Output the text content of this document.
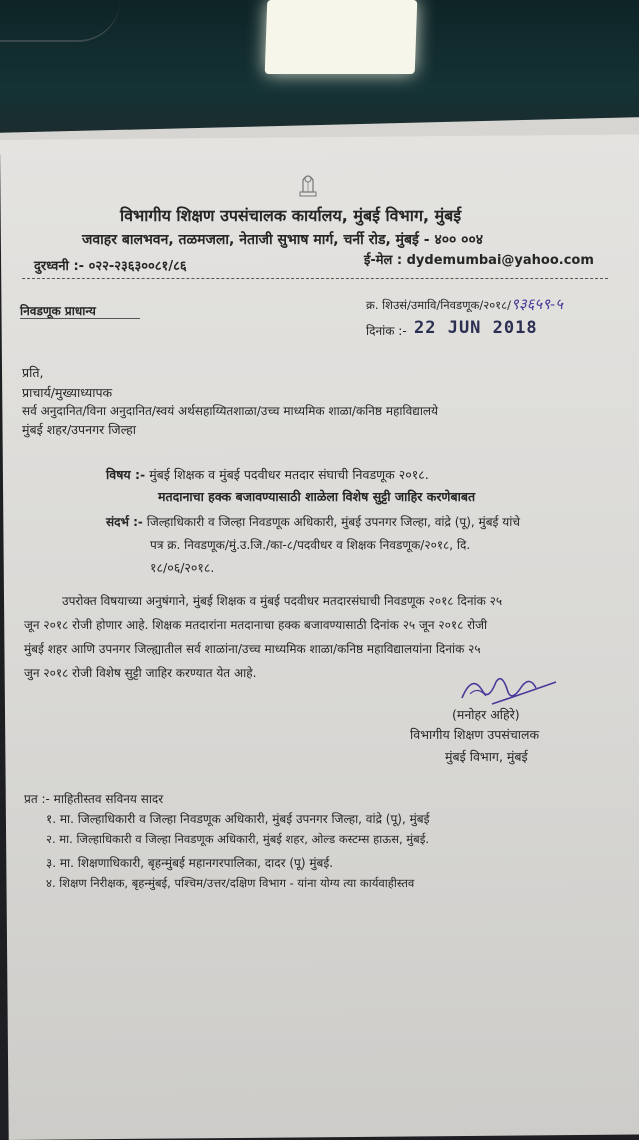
विभागीय शिक्षण उपसंचालक कार्यालय, मुंबई विभाग, मुंबई
जवाहर बालभवन, तळमजला, नेताजी सुभाष मार्ग, चर्नी रोड, मुंबई - ४०० ००४
दुरध्वनी :- ०२२-२३६३००८१/८६	ई-मेल : dydemumbai@yahoo.com
निवडणूक प्राधान्य	क्र. शिउसं/उमावि/निवडणूक/२०१८/९३६५९-५
दिनांक :- 22 JUN 2018
प्रति,
प्राचार्य/मुख्याध्यापक
सर्व अनुदानित/विना अनुदानित/स्वयं अर्थसहाय्यितशाळा/उच्च माध्यमिक शाळा/कनिष्ठ महाविद्यालये
मुंबई शहर/उपनगर जिल्हा
विषय :- मुंबई शिक्षक व मुंबई पदवीधर मतदार संघाची निवडणूक २०१८.
मतदानाचा हक्क बजावण्यासाठी शाळेला विशेष सुट्टी जाहिर करणेबाबत
संदर्भ :- जिल्हाधिकारी व जिल्हा निवडणूक अधिकारी, मुंबई उपनगर जिल्हा, वांद्रे (पू), मुंबई यांचे
पत्र क्र. निवडणूक/मुं.उ.जि./का-८/पदवीधर व शिक्षक निवडणूक/२०१८, दि.
१८/०६/२०१८.
उपरोक्त विषयाच्या अनुषंगाने, मुंबई शिक्षक व मुंबई पदवीधर मतदारसंघाची निवडणूक २०१८ दिनांक २५
जून २०१८ रोजी होणार आहे. शिक्षक मतदारांना मतदानाचा हक्क बजावण्यासाठी दिनांक २५ जून २०१८ रोजी
मुंबई शहर आणि उपनगर जिल्ह्यातील सर्व शाळांना/उच्च माध्यमिक शाळा/कनिष्ठ महाविद्यालयांना दिनांक २५
जुन २०१८ रोजी विशेष सुट्टी जाहिर करण्यात येत आहे.
(मनोहर अहिरे)
विभागीय शिक्षण उपसंचालक
मुंबई विभाग, मुंबई
प्रत :- माहितीस्तव सविनय सादर
१. मा. जिल्हाधिकारी व जिल्हा निवडणूक अधिकारी, मुंबई उपनगर जिल्हा, वांद्रे (पू), मुंबई
२. मा. जिल्हाधिकारी व जिल्हा निवडणूक अधिकारी, मुंबई शहर, ओल्ड कस्टम्स हाऊस, मुंबई.
३. मा. शिक्षणाधिकारी, बृहन्मुंबई महानगरपालिका, दादर (पू) मुंबई.
४. शिक्षण निरीक्षक, बृहन्मुंबई, पश्चिम/उत्तर/दक्षिण विभाग - यांना योग्य त्या कार्यवाहीस्तव
